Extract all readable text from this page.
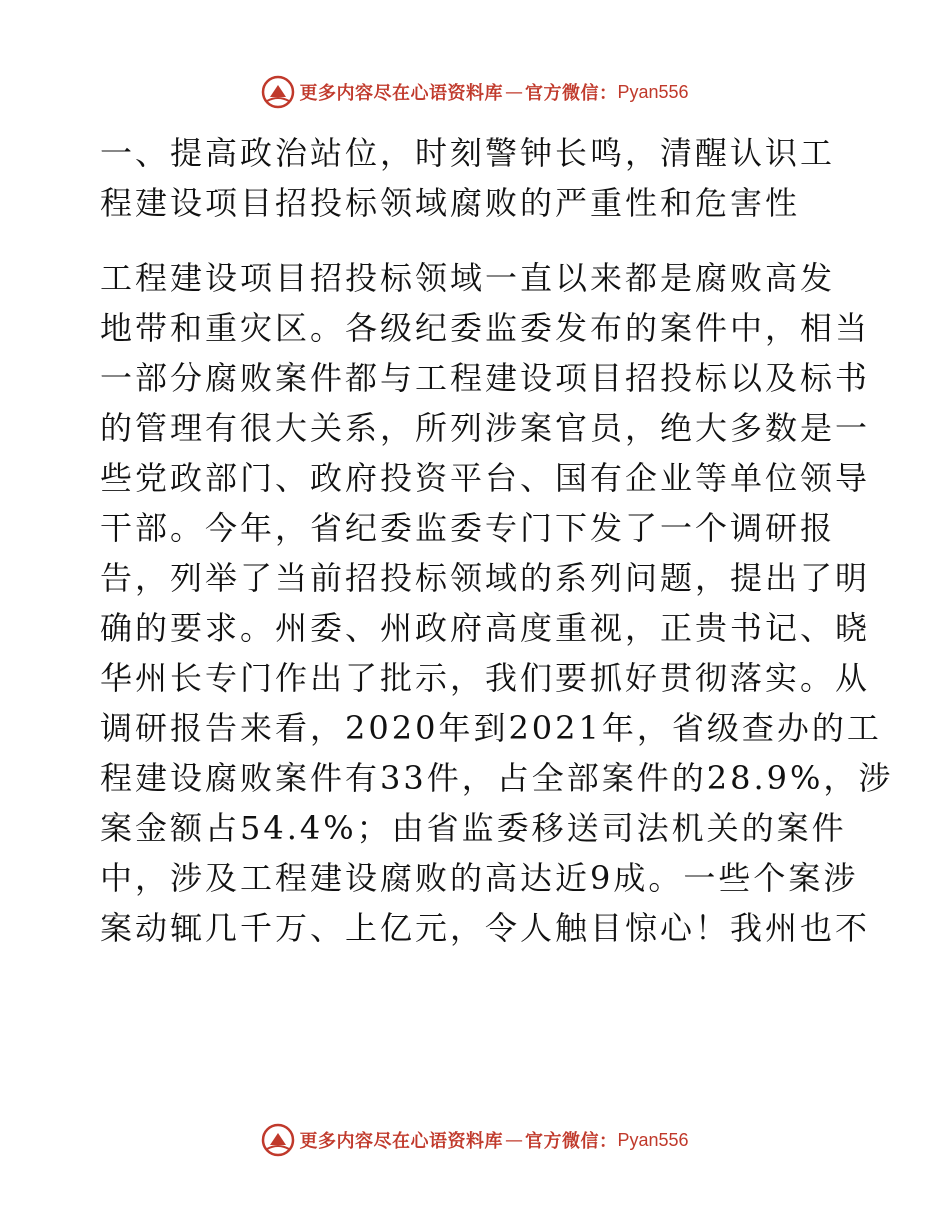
更多内容尽在心语资料库 — 官方微信： Pyan556
一、提高政治站位，时刻警钟长鸣，清醒认识工
程建设项目招投标领域腐败的严重性和危害性
工程建设项目招投标领域一直以来都是腐败高发
地带和重灾区。各级纪委监委发布的案件中，相当
一部分腐败案件都与工程建设项目招投标以及标书
的管理有很大关系，所列涉案官员，绝大多数是一
些党政部门、政府投资平台、国有企业等单位领导
干部。今年，省纪委监委专门下发了一个调研报
告，列举了当前招投标领域的系列问题，提出了明
确的要求。州委、州政府高度重视，正贵书记、晓
华州长专门作出了批示，我们要抓好贯彻落实。从
调研报告来看，2020年到2021年，省级查办的工
程建设腐败案件有33件，占全部案件的28.9%，涉
案金额占54.4%；由省监委移送司法机关的案件
中，涉及工程建设腐败的高达近9成。一些个案涉
案动辄几千万、上亿元，令人触目惊心！我州也不
更多内容尽在心语资料库 — 官方微信： Pyan556
